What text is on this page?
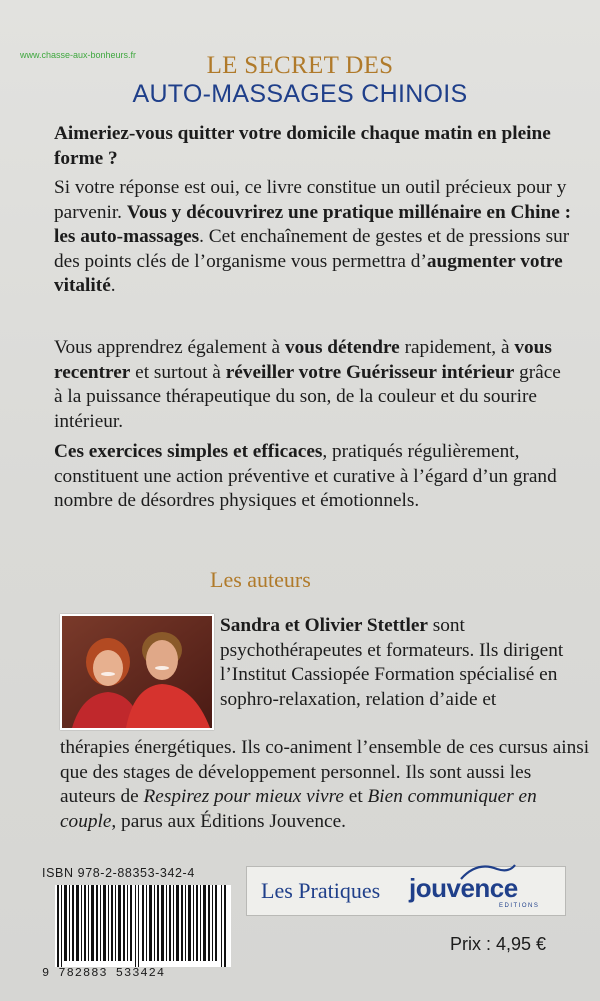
www.chasse-aux-bonheurs.fr	LE SECRET DES
AUTO-MASSAGES CHINOIS

Aimeriez-vous quitter votre domicile chaque matin en pleine forme ?

Si votre réponse est oui, ce livre constitue un outil précieux pour y parvenir. Vous y découvrirez une pratique millénaire en Chine : les auto-massages. Cet enchaînement de gestes et de pressions sur des points clés de l’organisme vous permettra d’augmenter votre vitalité.

Vous apprendrez également à vous détendre rapidement, à vous recentrer et surtout à réveiller votre Guérisseur intérieur grâce à la puissance thérapeutique du son, de la couleur et du sourire intérieur.

Ces exercices simples et efficaces, pratiqués régulièrement, constituent une action préventive et curative à l’égard d’un grand nombre de désordres physiques et émotionnels.

Les auteurs
Sandra et Olivier Stettler sont psychothérapeutes et formateurs. Ils dirigent l’Institut Cassiopée Formation spécialisé en sophro-relaxation, relation d’aide et
thérapies énergétiques. Ils co-animent l’ensemble de ces cursus ainsi que des stages de développement personnel. Ils sont aussi les auteurs de Respirez pour mieux vivre et Bien communiquer en couple, parus aux Éditions Jouvence.
ISBN 978-2-88353-342-4
9 782883 533424
Les Pratiques jouvence
EDITIONS
Prix : 4,95 €
